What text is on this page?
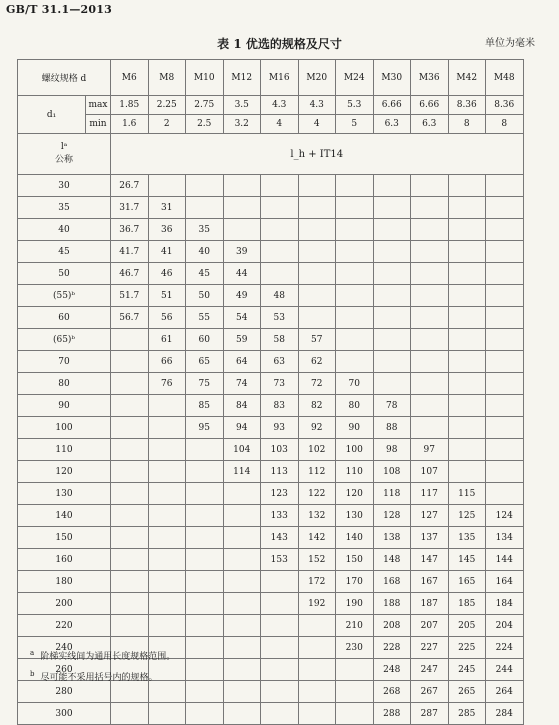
GB/T 31.1—2013
表 1 优选的规格及尺寸	单位为毫米
螺纹规格 d		M6	M8	M10	M12	M16	M20	M24	M30	M36	M42	M48
d₁	max	1.85	2.25	2.75	3.5	4.3	4.3	5.3	6.66	6.66	8.36	8.36
	min	1.6	2	2.5	3.2	4	4	5	6.3	6.3	8	8

lᵃ
公称		l_h + IT14										
30		26.7										
35		31.7	31									
40		36.7	36	35								
45		41.7	41	40	39							
50		46.7	46	45	44							
(55)ᵇ		51.7	51	50	49	48						
60		56.7	56	55	54	53						
(65)ᵇ			61	60	59	58	57					
70			66	65	64	63	62					
80			76	75	74	73	72	70				
90				85	84	83	82	80	78			
100				95	94	93	92	90	88			
110					104	103	102	100	98	97		
120					114	113	112	110	108	107		
130						123	122	120	118	117	115	
140						133	132	130	128	127	125	124
150						143	142	140	138	137	135	134
160						153	152	150	148	147	145	144
180							172	170	168	167	165	164
200							192	190	188	187	185	184
220								210	208	207	205	204
240								230	228	227	225	224
260									248	247	245	244
280									268	267	265	264
300									288	287	285	284
$^a$ 阶梯实线间为通用长度规格范围。
$^b$ 尽可能不采用括号内的规格。
